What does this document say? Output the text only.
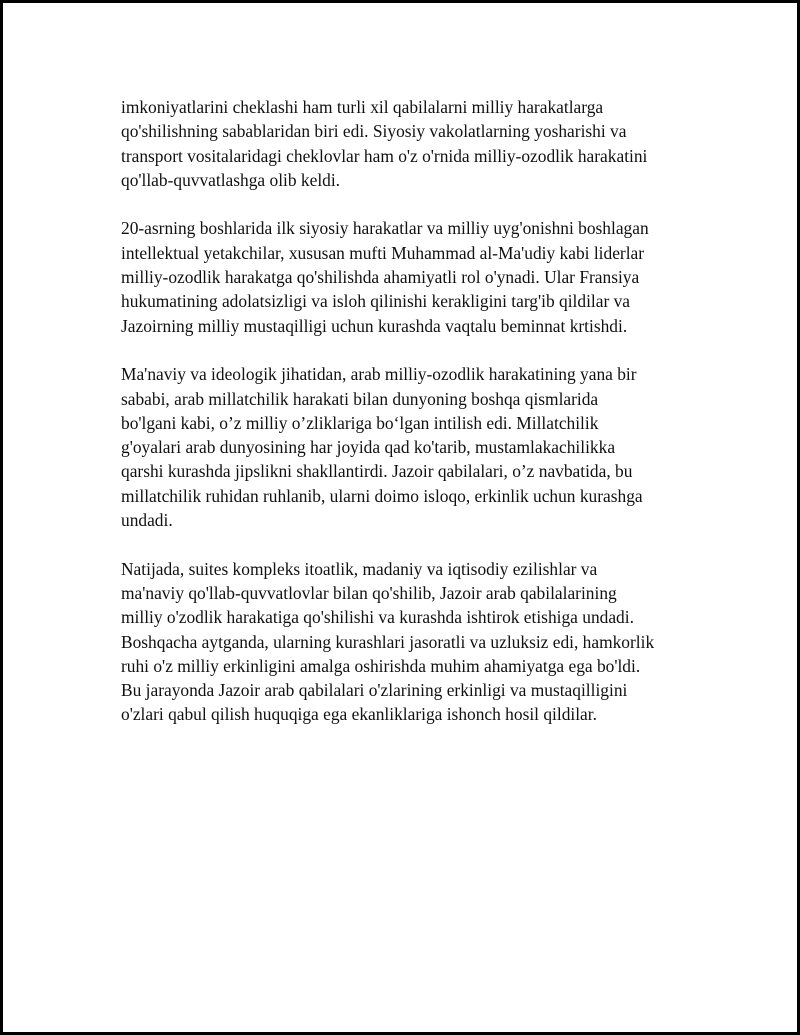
imkoniyatlarini cheklashi ham turli xil qabilalarni milliy harakatlarga
qo'shilishning sabablaridan biri edi. Siyosiy vakolatlarning yosharishi va
transport vositalaridagi cheklovlar ham o'z o'rnida milliy-ozodlik harakatini
qo'llab-quvvatlashga olib keldi.

20-asrning boshlarida ilk siyosiy harakatlar va milliy uyg'onishni boshlagan
intellektual yetakchilar, xususan mufti Muhammad al-Ma'udiy kabi liderlar
milliy-ozodlik harakatga qo'shilishda ahamiyatli rol o'ynadi. Ular Fransiya
hukumatining adolatsizligi va isloh qilinishi kerakligini targ'ib qildilar va
Jazoirning milliy mustaqilligi uchun kurashda vaqtalu beminnat krtishdi.

Ma'naviy va ideologik jihatidan, arab milliy-ozodlik harakatining yana bir
sababi, arab millatchilik harakati bilan dunyoning boshqa qismlarida
bo'lgani kabi, o’z milliy o’zliklariga bo‘lgan intilish edi. Millatchilik
g'oyalari arab dunyosining har joyida qad ko'tarib, mustamlakachilikka
qarshi kurashda jipslikni shakllantirdi. Jazoir qabilalari, o’z navbatida, bu
millatchilik ruhidan ruhlanib, ularni doimo isloqo, erkinlik uchun kurashga
undadi.

Natijada, suites kompleks itoatlik, madaniy va iqtisodiy ezilishlar va
ma'naviy qo'llab-quvvatlovlar bilan qo'shilib, Jazoir arab qabilalarining
milliy o'zodlik harakatiga qo'shilishi va kurashda ishtirok etishiga undadi.
Boshqacha aytganda, ularning kurashlari jasoratli va uzluksiz edi, hamkorlik
ruhi o'z milliy erkinligini amalga oshirishda muhim ahamiyatga ega bo'ldi.
Bu jarayonda Jazoir arab qabilalari o'zlarining erkinligi va mustaqilligini
o'zlari qabul qilish huquqiga ega ekanliklariga ishonch hosil qildilar.
